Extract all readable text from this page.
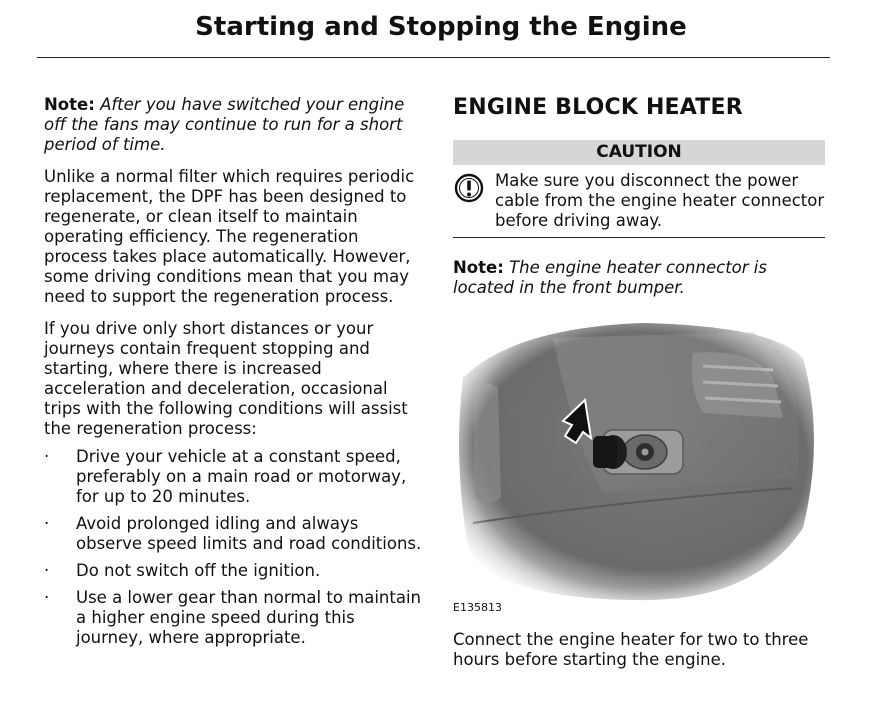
Starting and Stopping the Engine

Note: After you have switched your engine off the fans may continue to run for a short period of time.

Unlike a normal filter which requires periodic replacement, the DPF has been designed to regenerate, or clean itself to maintain operating efficiency. The regeneration process takes place automatically. However, some driving conditions mean that you may need to support the regeneration process.

If you drive only short distances or your journeys contain frequent stopping and starting, where there is increased acceleration and deceleration, occasional trips with the following conditions will assist the regeneration process:

· Drive your vehicle at a constant speed, preferably on a main road or motorway, for up to 20 minutes.
· Avoid prolonged idling and always observe speed limits and road conditions.
· Do not switch off the ignition.
· Use a lower gear than normal to maintain a higher engine speed during this journey, where appropriate.
ENGINE BLOCK HEATER
CAUTION
Make sure you disconnect the power cable from the engine heater connector before driving away.
Note: The engine heater connector is located in the front bumper.
E135813
Connect the engine heater for two to three hours before starting the engine.
